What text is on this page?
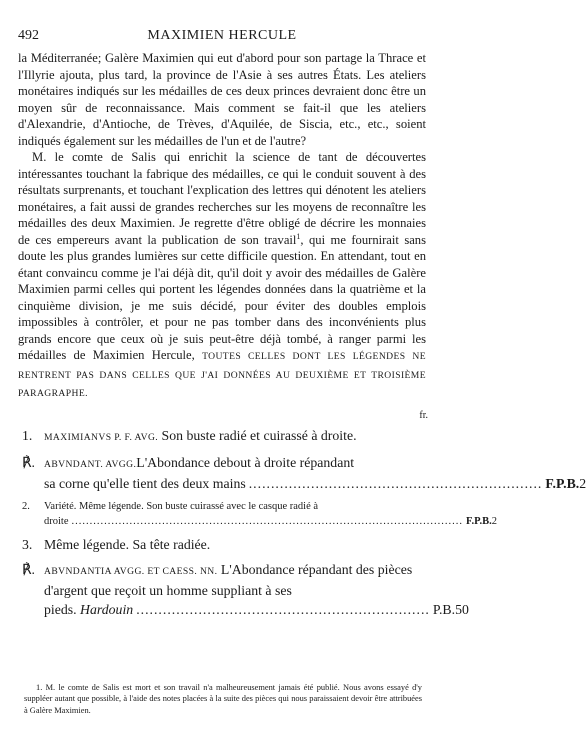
492	MAXIMIEN HERCULE

la Méditerranée; Galère Maximien qui eut d'abord pour son partage la Thrace et l'Illyrie ajouta, plus tard, la province de l'Asie à ses autres États. Les ateliers monétaires indiqués sur les médailles de ces deux princes devraient donc être un moyen sûr de reconnaissance. Mais comment se fait-il que les ateliers d'Alexandrie, d'Antioche, de Trèves, d'Aquilée, de Siscia, etc., etc., soient indiqués également sur les médailles de l'un et de l'autre?

M. le comte de Salis qui enrichit la science de tant de découvertes intéressantes touchant la fabrique des médailles, ce qui le conduit souvent à des résultats surprenants, et touchant l'explication des lettres qui dénotent les ateliers monétaires, a fait aussi de grandes recherches sur les moyens de reconnaître les médailles des deux Maximien. Je regrette d'être obligé de décrire les monnaies de ces empereurs avant la publication de son travail$^1$, qui me fournirait sans doute les plus grandes lumières sur cette difficile question. En attendant, tout en étant convaincu comme je l'ai déjà dit, qu'il doit y avoir des médailles de Galère Maximien parmi celles qui portent les légendes données dans la quatrième et la cinquième division, je me suis décidé, pour éviter des doubles emplois impossibles à contrôler, et pour ne pas tomber dans des inconvénients plus grands encore que ceux où je suis peut-être déjà tombé, à ranger parmi les médailles de Maximien Hercule, TOUTES CELLES DONT LES LÉGENDES NE RENTRENT PAS DANS CELLES QUE J'AI DONNÉES AU DEUXIÈME ET TROISIÈME PARAGRAPHE.

fr.
1. MAXIMIANVS P. F. AVG. Son buste radié et cuirassé à droite.
℟. ABVNDANT. AVGG.L'Abondance debout à droite répandant
sa corne qu'elle tient des deux mains .................................................................. F.P.B. 2
2. Variété. Même légende. Son buste cuirassé avec le casque radié à
droite ............................................................................................................ F.P.B. 2
3. Même légende. Sa tête radiée.
℟. ABVNDANTIA AVGG. ET CAESS. NN. L'Abondance répandant des pièces d'argent que reçoit un homme suppliant à ses
pieds. Hardouin .................................................................. P.B. 50

1. M. le comte de Salis est mort et son travail n'a malheureusement jamais été publié. Nous avons essayé d'y suppléer autant que possible, à l'aide des notes placées à la suite des pièces qui nous paraissaient devoir être attribuées à Galère Maximien.
